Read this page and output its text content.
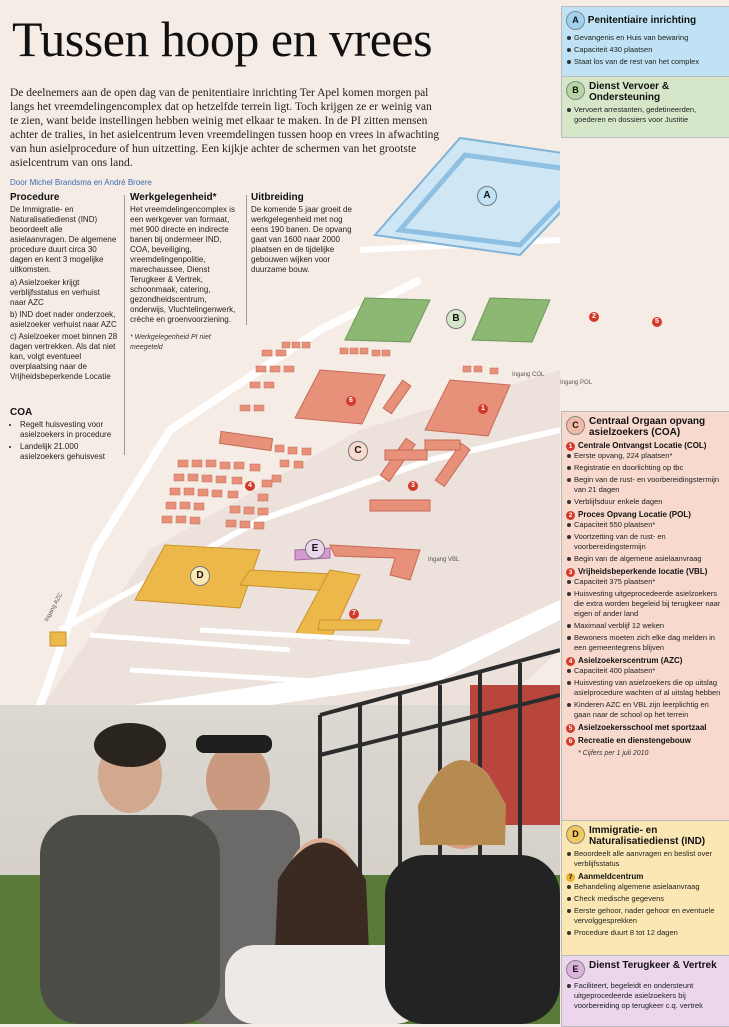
Tussen hoop en vrees
De deelnemers aan de open dag van de penitentiaire inrichting Ter Apel komen morgen pal langs het vreemdelingencomplex dat op hetzelfde terrein ligt. Toch krijgen ze er weinig van te zien, want beide instellingen hebben weinig met elkaar te maken. In de PI zitten mensen achter de tralies, in het asielcentrum leven vreemdelingen tussen hoop en vrees in afwachting van hun asielprocedure of hun uitzetting. Een kijkje achter de schermen van het grootste asielcentrum van ons land.
Door Michel Brandsma en André Broere
Procedure
De Immigratie- en Naturalisatiedienst (IND) beoordeelt alle asielaanvragen. De algemene procedure duurt circa 30 dagen en kent 3 mogelijke uitkomsten.
a) Asielzoeker krijgt verblijfsstatus en verhuist naar AZC
b) IND doet nader onderzoek, asielzoeker verhuist naar AZC
c) Asielzoeker moet binnen 28 dagen vertrekken. Als dat niet kan, volgt eventueel overplaatsing naar de Vrijheidsbeperkende Locatie
COA
• Regelt huisvesting voor asielzoekers in procedure
• Landelijk 21.000 asielzoekers gehuisvest
Werkgelegenheid*
Het vreemdelingencomplex is een werkgever van formaat, met 900 directe en indirecte banen bij ondermeer IND, COA, beveiliging, vreemdelingenpolitie, marechaussee, Dienst Terugkeer & Vertrek, schoonmaak, catering, gezondheidscentrum, onderwijs, Vluchtelingenwerk, crèche en groenvoorziening.
* Werkgelegenheid PI niet meegeteld
Uitbreiding
De komende 5 jaar groeit de werkgelegenheid met nog eens 190 banen. De opvang gaat van 1600 naar 2000 plaatsen en de tijdelijke gebouwen wijken voor duurzame bouw.
A
B
C
D
E
1
2
3
4
5
6
7
Ingang COL
Ingang POL
Ingang VBL
Ingang AZC
A Penitentiaire inrichting
Gevangenis en Huis van bewaring
Capaciteit 430 plaatsen
Staat los van de rest van het complex
B	Dienst Vervoer & Ondersteuning
Vervoert arrestanten, gedetineerden, goederen en dossiers voor Justitie
C	Centraal Orgaan opvang asielzoekers (COA)
1 Centrale Ontvangst Locatie (COL)
Eerste opvang, 224 plaatsen*
Registratie en doorlichting op tbc
Begin van de rust- en voorbereidingstermijn van 21 dagen
Verblijfsduur enkele dagen
2 Proces Opvang Locatie (POL)
Capaciteit 550 plaatsen*
Voortzetting van de rust- en voorbereidingstermijn
Begin van de algemene asielaanvraag
3 Vrijheidsbeperkende locatie (VBL)
Capaciteit 375 plaatsen*
Huisvesting uitgeprocedeerde asielzoekers die extra worden begeleid bij terugkeer naar eigen of ander land
Maximaal verblijf 12 weken
Bewoners moeten zich elke dag melden in een gemeentegrens blijven
4 Asielzoekerscentrum (AZC)
Capaciteit 400 plaatsen*
Huisvesting van asielzoekers die op uitslag asielprocedure wachten of al uitslag hebben
Kinderen AZC en VBL zijn leerplichtig en gaan naar de school op het terrein
5 Asielzoekersschool met sportzaal
6 Recreatie en dienstengebouw
* Cijfers per 1 juli 2010
D	Immigratie- en Naturalisatiedienst (IND)
Beoordeelt alle aanvragen en beslist over verblijfsstatus
7 Aanmeldcentrum
Behandeling algemene asielaanvraag
Check medische gegevens
Eerste gehoor, nader gehoor en eventuele vervolggesprekken
Procedure duurt 8 tot 12 dagen
E	Dienst Terugkeer & Vertrek
Faciliteert, begeleidt en ondersteunt uitgeprocedeerde asielzoekers bij voorbereiding op terugkeer c.q. vertrek
